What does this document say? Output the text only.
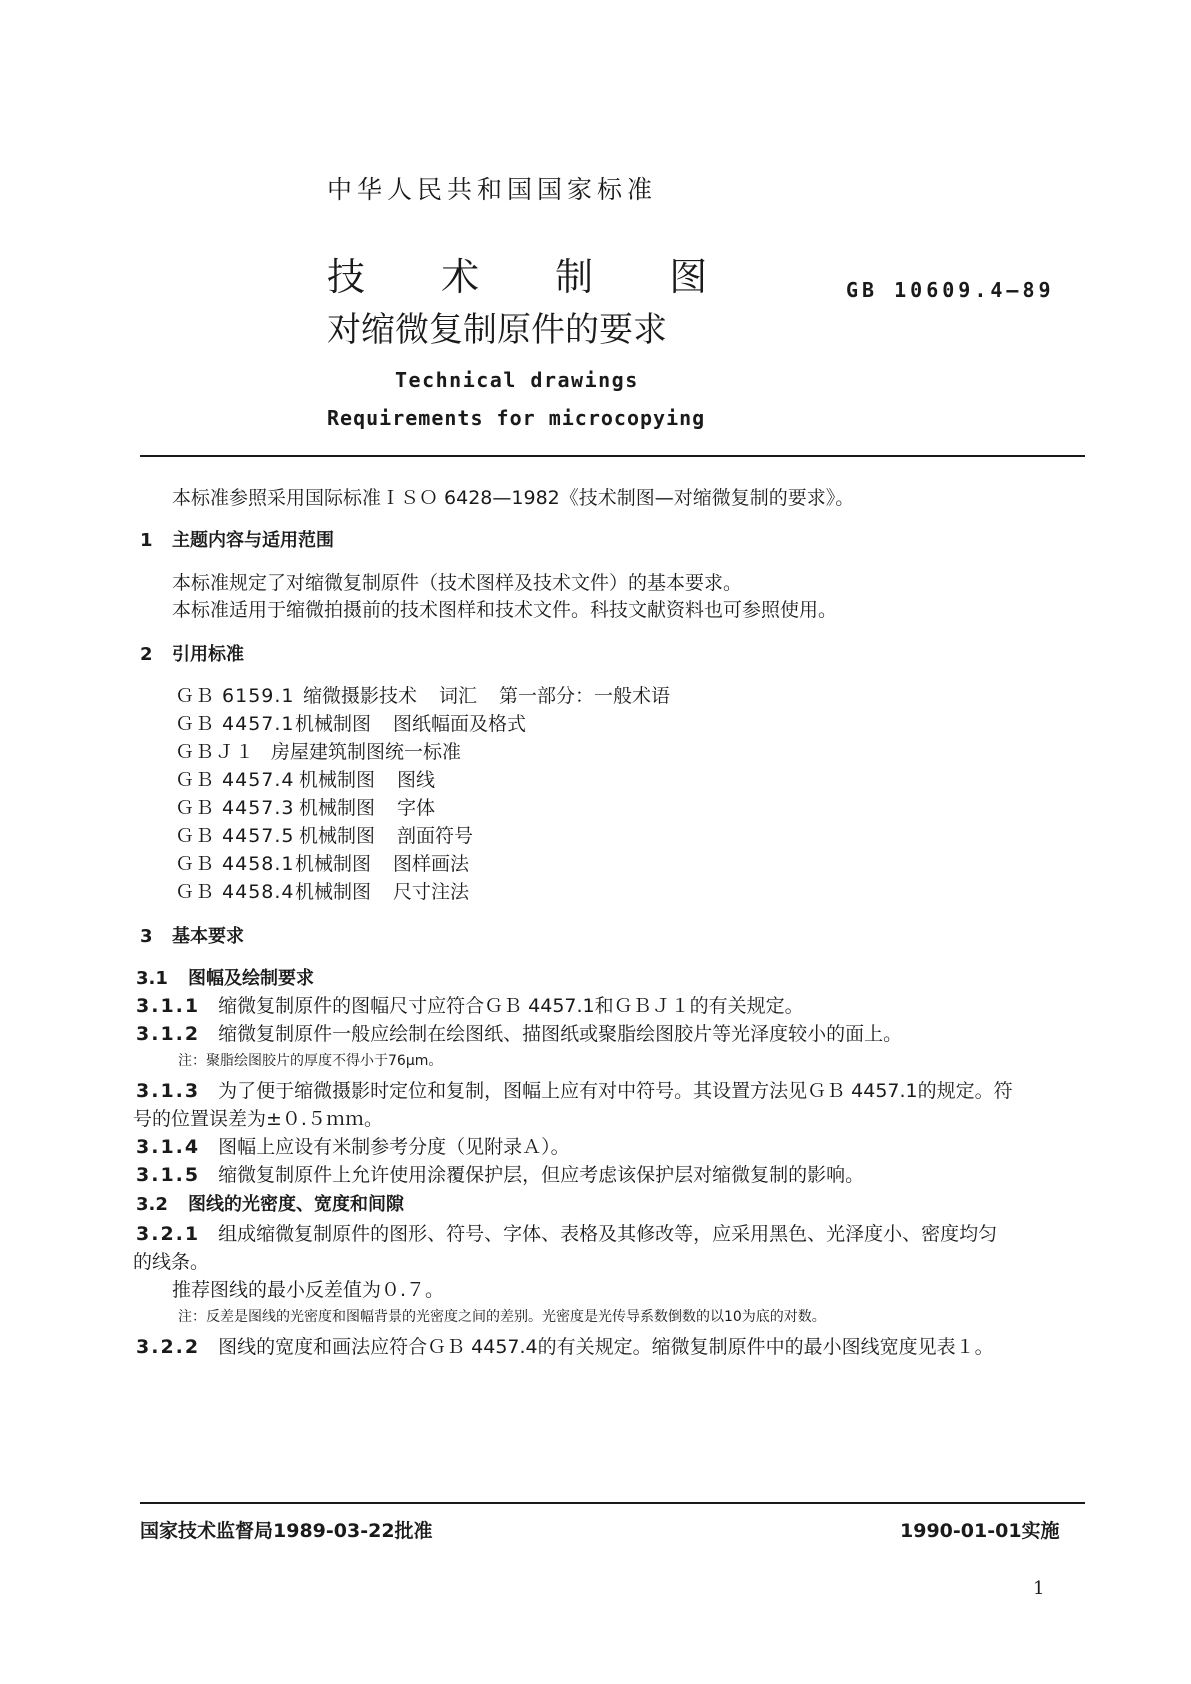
中华人民共和国国家标准
技 术 制 图
对缩微复制原件的要求
GB 10609.4—89
Technical drawings
Requirements for microcopying
本标准参照采用国际标准ＩＳＯ 6428—1982《技术制图—对缩微复制的要求》。
1 主题内容与适用范围
本标准规定了对缩微复制原件（技术图样及技术文件）的基本要求。
本标准适用于缩微拍摄前的技术图样和技术文件。科技文献资料也可参照使用。
2 引用标准
ＧＢ 6159.1 缩微摄影技术 词汇 第一部分：一般术语
ＧＢ 4457.1机械制图 图纸幅面及格式
ＧＢＪ１ 房屋建筑制图统一标准
ＧＢ 4457.4 机械制图 图线
ＧＢ 4457.3 机械制图 字体
ＧＢ 4457.5 机械制图 剖面符号
ＧＢ 4458.1机械制图 图样画法
ＧＢ 4458.4机械制图 尺寸注法
3 基本要求
3.1 图幅及绘制要求
3.1.1 缩微复制原件的图幅尺寸应符合ＧＢ 4457.1和ＧＢＪ１的有关规定。
3.1.2 缩微复制原件一般应绘制在绘图纸、描图纸或聚脂绘图胶片等光泽度较小的面上。
注：聚脂绘图胶片的厚度不得小于76μm。
3.1.3 为了便于缩微摄影时定位和复制，图幅上应有对中符号。其设置方法见ＧＢ 4457.1的规定。符
号的位置误差为±０.５ｍｍ。
3.1.4 图幅上应设有米制参考分度（见附录Ａ）。
3.1.5 缩微复制原件上允许使用涂覆保护层，但应考虑该保护层对缩微复制的影响。
3.2 图线的光密度、宽度和间隙
3.2.1 组成缩微复制原件的图形、符号、字体、表格及其修改等，应采用黑色、光泽度小、密度均匀
的线条。
推荐图线的最小反差值为０.７。
注：反差是图线的光密度和图幅背景的光密度之间的差别。光密度是光传导系数倒数的以10为底的对数。
3.2.2 图线的宽度和画法应符合ＧＢ 4457.4的有关规定。缩微复制原件中的最小图线宽度见表１。
国家技术监督局1989-03-22批准	1990-01-01实施
1
